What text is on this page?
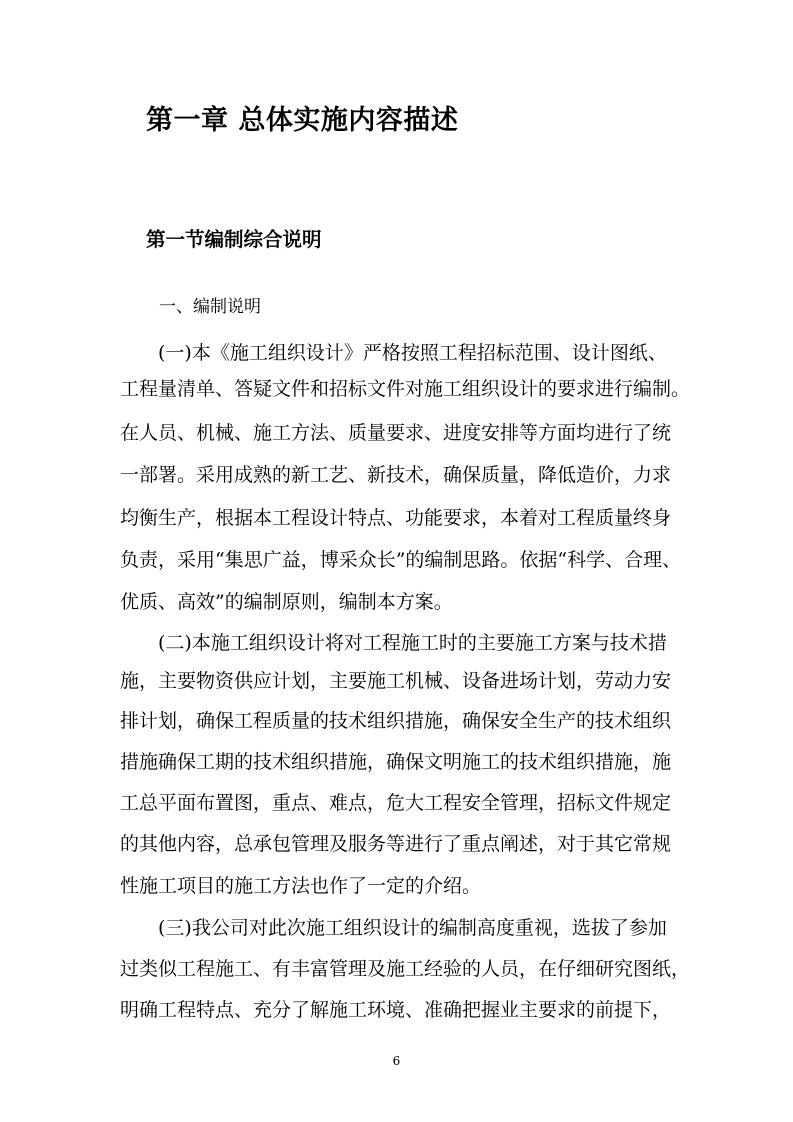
第一章 总体实施内容描述
第一节编制综合说明

一、编制说明

(一)本《施工组织设计》严格按照工程招标范围、设计图纸、

工程量清单、答疑文件和招标文件对施工组织设计的要求进行编制。

在人员、机械、施工方法、质量要求、进度安排等方面均进行了统

一部署。采用成熟的新工艺、新技术，确保质量，降低造价，力求

均衡生产，根据本工程设计特点、功能要求，本着对工程质量终身

负责，采用“集思广益，博采众长”的编制思路。依据“科学、合理、

优质、高效”的编制原则，编制本方案。

(二)本施工组织设计将对工程施工时的主要施工方案与技术措

施，主要物资供应计划，主要施工机械、设备进场计划，劳动力安

排计划，确保工程质量的技术组织措施，确保安全生产的技术组织

措施确保工期的技术组织措施，确保文明施工的技术组织措施，施

工总平面布置图，重点、难点，危大工程安全管理，招标文件规定

的其他内容，总承包管理及服务等进行了重点阐述，对于其它常规

性施工项目的施工方法也作了一定的介绍。

(三)我公司对此次施工组织设计的编制高度重视，选拔了参加

过类似工程施工、有丰富管理及施工经验的人员，在仔细研究图纸，

明确工程特点、充分了解施工环境、准确把握业主要求的前提下，

6
